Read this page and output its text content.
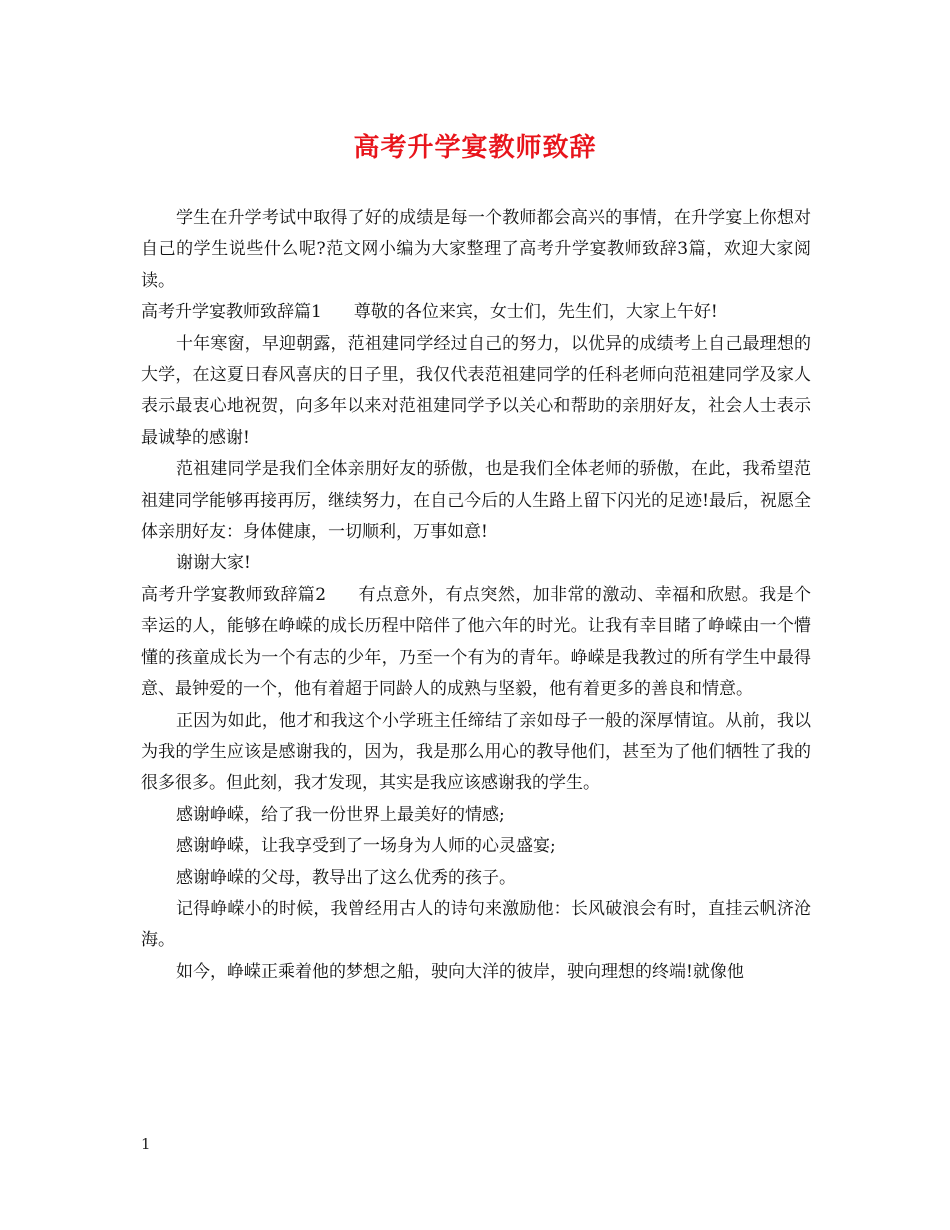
高考升学宴教师致辞

学生在升学考试中取得了好的成绩是每一个教师都会高兴的事情，在升学宴上你想对自己的学生说些什么呢?范文网小编为大家整理了高考升学宴教师致辞3篇，欢迎大家阅读。

高考升学宴教师致辞篇1 尊敬的各位来宾，女士们，先生们，大家上午好!

十年寒窗，早迎朝露，范祖建同学经过自己的努力，以优异的成绩考上自己最理想的大学，在这夏日春风喜庆的日子里，我仅代表范祖建同学的任科老师向范祖建同学及家人表示最衷心地祝贺，向多年以来对范祖建同学予以关心和帮助的亲朋好友，社会人士表示最诚挚的感谢!

范祖建同学是我们全体亲朋好友的骄傲，也是我们全体老师的骄傲，在此，我希望范祖建同学能够再接再厉，继续努力，在自己今后的人生路上留下闪光的足迹!最后，祝愿全体亲朋好友：身体健康，一切顺利，万事如意!

谢谢大家!

高考升学宴教师致辞篇2 有点意外，有点突然，加非常的激动、幸福和欣慰。我是个幸运的人，能够在峥嵘的成长历程中陪伴了他六年的时光。让我有幸目睹了峥嵘由一个懵懂的孩童成长为一个有志的少年，乃至一个有为的青年。峥嵘是我教过的所有学生中最得意、最钟爱的一个，他有着超于同龄人的成熟与坚毅，他有着更多的善良和情意。

正因为如此，他才和我这个小学班主任缔结了亲如母子一般的深厚情谊。从前，我以为我的学生应该是感谢我的，因为，我是那么用心的教导他们，甚至为了他们牺牲了我的很多很多。但此刻，我才发现，其实是我应该感谢我的学生。

感谢峥嵘，给了我一份世界上最美好的情感;

感谢峥嵘，让我享受到了一场身为人师的心灵盛宴;

感谢峥嵘的父母，教导出了这么优秀的孩子。

记得峥嵘小的时候，我曾经用古人的诗句来激励他：长风破浪会有时，直挂云帆济沧海。

如今，峥嵘正乘着他的梦想之船，驶向大洋的彼岸，驶向理想的终端!就像他

1
